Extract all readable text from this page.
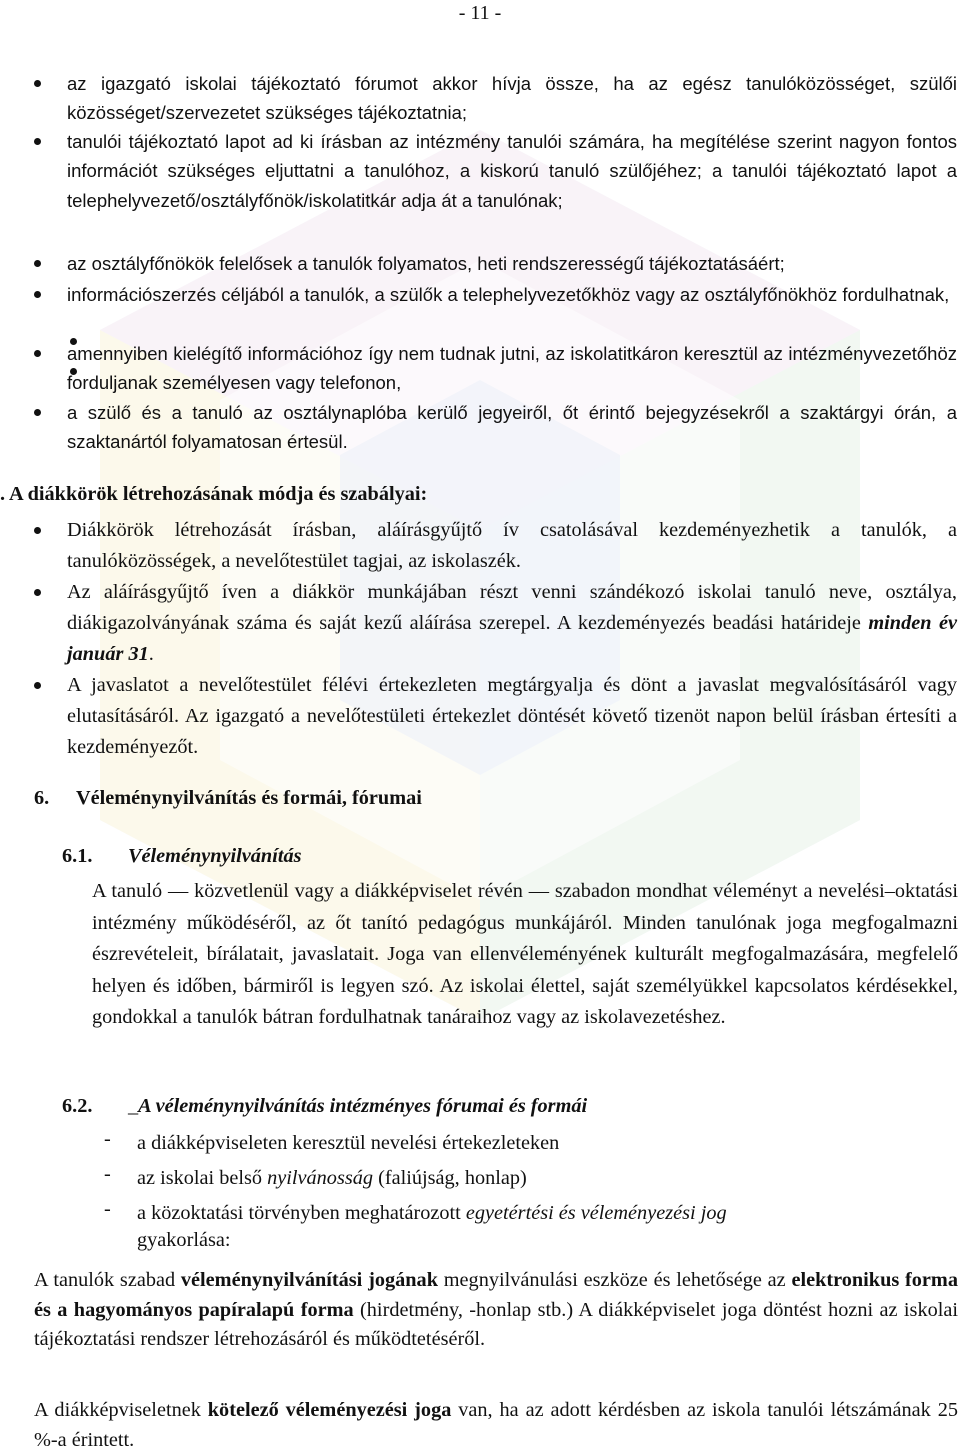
- 11 -
az igazgató iskolai tájékoztató fórumot akkor hívja össze, ha az egész tanulóközösséget, szülői közösséget/szervezetet szükséges tájékoztatnia;
tanulói tájékoztató lapot ad ki írásban az intézmény tanulói számára, ha megítélése szerint nagyon fontos információt szükséges eljuttatni a tanulóhoz, a kiskorú tanuló szülőjéhez; a tanulói tájékoztató lapot a telephelyvezető/osztályfőnök/iskolatitkár adja át a tanulónak;
az osztályfőnökök felelősek a tanulók folyamatos, heti rendszerességű tájékoztatásáért;
információszerzés céljából a tanulók, a szülők a telephelyvezetőkhöz vagy az osztályfőnökhöz fordulhatnak,
amennyiben kielégítő információhoz így nem tudnak jutni, az iskolatitkáron keresztül az intézményvezetőhöz forduljanak személyesen vagy telefonon,
a szülő és a tanuló az osztálynaplóba kerülő jegyeiről, őt érintő bejegyzésekről a szaktárgyi órán, a szaktanártól folyamatosan értesül.
. A diákkörök létrehozásának módja és szabályai:
Diákkörök létrehozását írásban, aláírásgyűjtő ív csatolásával kezdeményezhetik a tanulók, a tanulóközösségek, a nevelőtestület tagjai, az iskolaszék.
Az aláírásgyűjtő íven a diákkör munkájában részt venni szándékozó iskolai tanuló neve, osztálya, diákigazolványának száma és saját kezű aláírása szerepel. A kezdeményezés beadási határideje minden év január 31.
A javaslatot a nevelőtestület félévi értekezleten megtárgyalja és dönt a javaslat megvalósításáról vagy elutasításáról. Az igazgató a nevelőtestületi értekezlet döntését követő tizenöt napon belül írásban értesíti a kezdeményezőt.
6. Véleménynyilvánítás és formái, fórumai
6.1. Véleménynyilvánítás
A tanuló — közvetlenül vagy a diákképviselet révén — szabadon mondhat véleményt a nevelési–oktatási intézmény működéséről, az őt tanító pedagógus munkájáról. Minden tanulónak joga megfogalmazni észrevételeit, bírálatait, javaslatait. Joga van ellenvéleményének kulturált megfogalmazására, megfelelő helyen és időben, bármiről is legyen szó. Az iskolai élettel, saját személyükkel kapcsolatos kérdésekkel, gondokkal a tanulók bátran fordulhatnak tanáraihoz vagy az iskolavezetéshez.
6.2. _A véleménynyilvánítás intézményes fórumai és formái
- a diákképviseleten keresztül nevelési értekezleteken
- az iskolai belső nyilvánosság (faliújság, honlap)
- a közoktatási törvényben meghatározott egyetértési és véleményezési jog
gyakorlása:
A tanulók szabad véleménynyilvánítási jogának megnyilvánulási eszköze és lehetősége az elektronikus forma és a hagyományos papíralapú forma (hirdetmény, -honlap stb.) A diákképviselet joga döntést hozni az iskolai tájékoztatási rendszer létrehozásáról és működtetéséről.
A diákképviseletnek kötelező véleményezési joga van, ha az adott kérdésben az iskola tanulói létszámának 25 %-a érintett.
